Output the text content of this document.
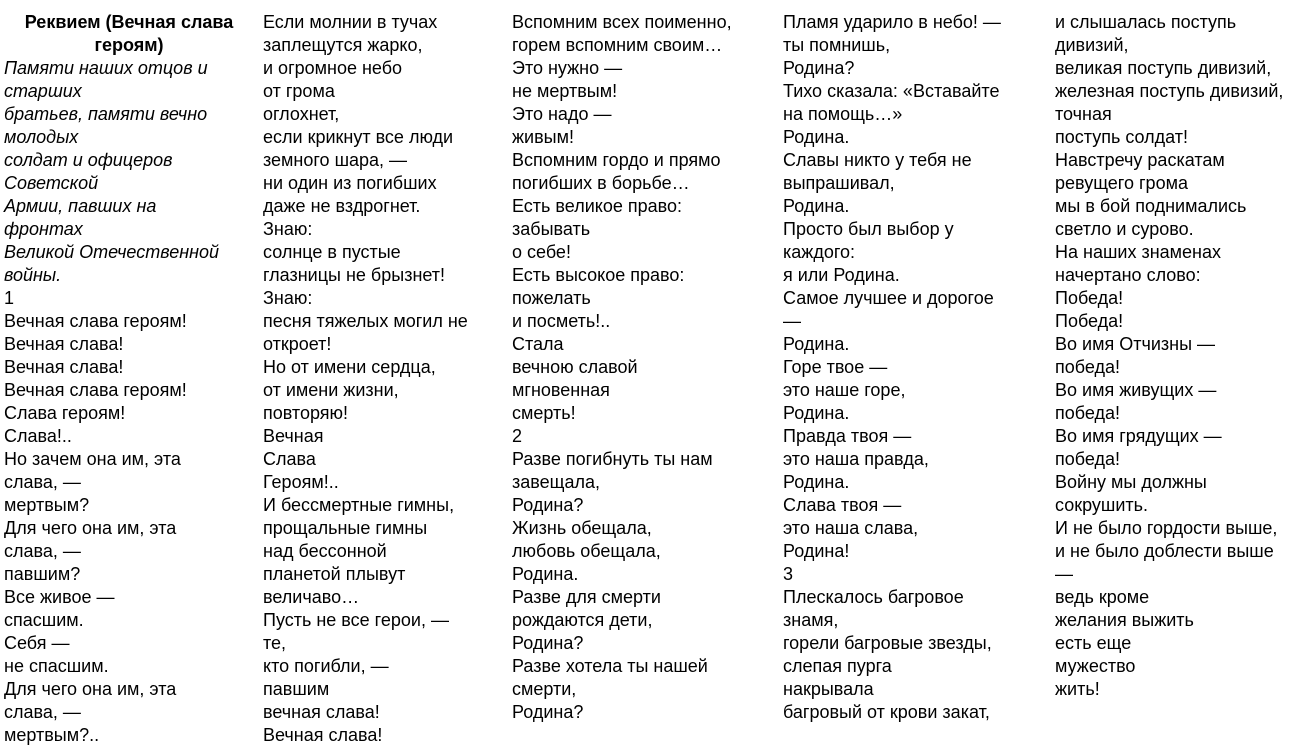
Реквием (Вечная слава
героям)
Памяти наших отцов и
старших
братьев, памяти вечно
молодых
солдат и офицеров
Советской
Армии, павших на
фронтах
Великой Отечественной
войны.
1
Вечная слава героям!
Вечная слава!
Вечная слава!
Вечная слава героям!
Слава героям!
Слава!..
Но зачем она им, эта
слава, —
мертвым?
Для чего она им, эта
слава, —
павшим?
Все живое —
спасшим.
Себя —
не спасшим.
Для чего она им, эта
слава, —
мертвым?..
Если молнии в тучах
заплещутся жарко,
и огромное небо
от грома
оглохнет,
если крикнут все люди
земного шара, —
ни один из погибших
даже не вздрогнет.
Знаю:
солнце в пустые
глазницы не брызнет!
Знаю:
песня тяжелых могил не
откроет!
Но от имени сердца,
от имени жизни,
повторяю!
Вечная
Слава
Героям!..
И бессмертные гимны,
прощальные гимны
над бессонной
планетой плывут
величаво…
Пусть не все герои, —
те,
кто погибли, —
павшим
вечная слава!
Вечная слава!
Вспомним всех поименно,
горем вспомним своим…
Это нужно —
не мертвым!
Это надо —
живым!
Вспомним гордо и прямо
погибших в борьбе…
Есть великое право:
забывать
о себе!
Есть высокое право:
пожелать
и посметь!..
Стала
вечною славой
мгновенная
смерть!
2
Разве погибнуть ты нам
завещала,
Родина?
Жизнь обещала,
любовь обещала,
Родина.
Разве для смерти
рождаются дети,
Родина?
Разве хотела ты нашей
смерти,
Родина?
Пламя ударило в небо! —
ты помнишь,
Родина?
Тихо сказала: «Вставайте
на помощь…»
Родина.
Славы никто у тебя не
выпрашивал,
Родина.
Просто был выбор у
каждого:
я или Родина.
Самое лучшее и дорогое
—
Родина.
Горе твое —
это наше горе,
Родина.
Правда твоя —
это наша правда,
Родина.
Слава твоя —
это наша слава,
Родина!
3
Плескалось багровое
знамя,
горели багровые звезды,
слепая пурга
накрывала
багровый от крови закат,
и слышалась поступь
дивизий,
великая поступь дивизий,
железная поступь дивизий,
точная
поступь солдат!
Навстречу раскатам
ревущего грома
мы в бой поднимались
светло и сурово.
На наших знаменах
начертано слово:
Победа!
Победа!
Во имя Отчизны —
победа!
Во имя живущих —
победа!
Во имя грядущих —
победа!
Войну мы должны
сокрушить.
И не было гордости выше,
и не было доблести выше
—
ведь кроме
желания выжить
есть еще
мужество
жить!
